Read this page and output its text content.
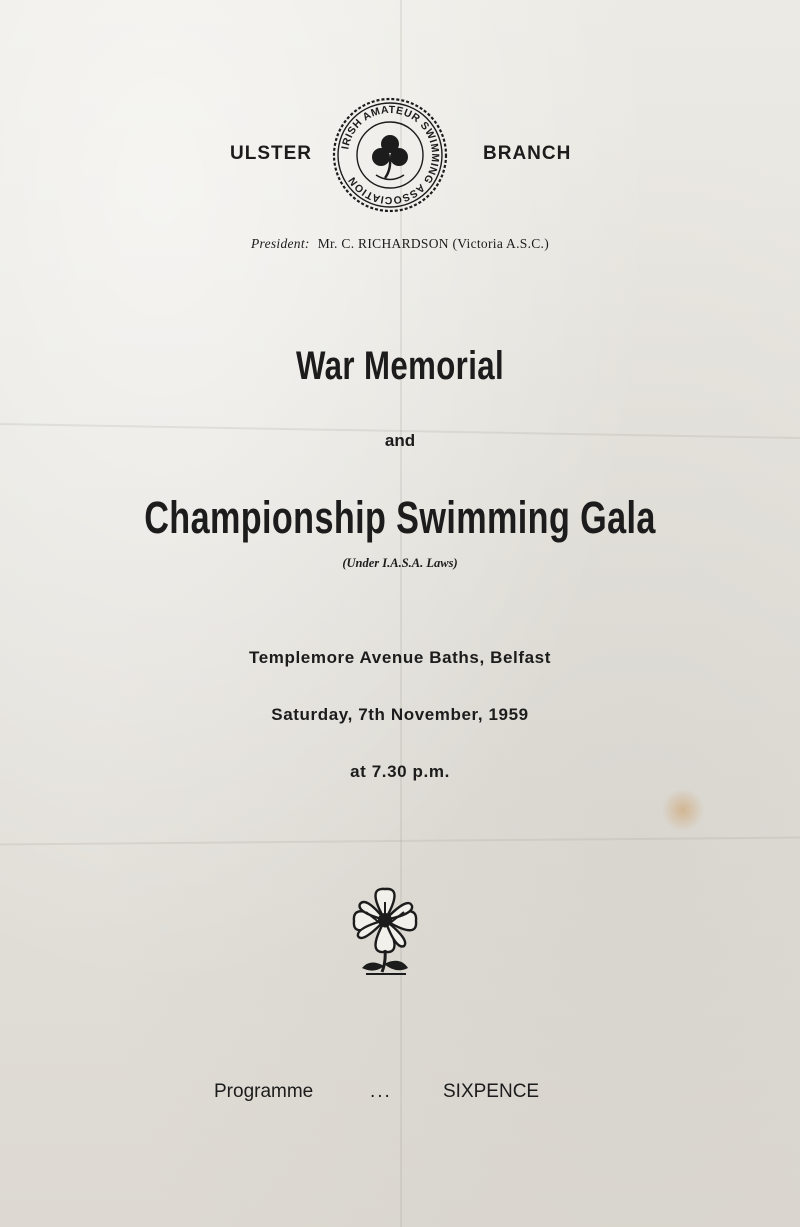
ULSTER	IRISH AMATEUR SWIMMING ASSOCIATION
BRANCH
President: Mr. C. RICHARDSON (Victoria A.S.C.)
War Memorial
and
Championship Swimming Gala
(Under I.A.S.A. Laws)
Templemore Avenue Baths, Belfast
Saturday, 7th November, 1959
at 7.30 p.m.
Programme	...	SIXPENCE
